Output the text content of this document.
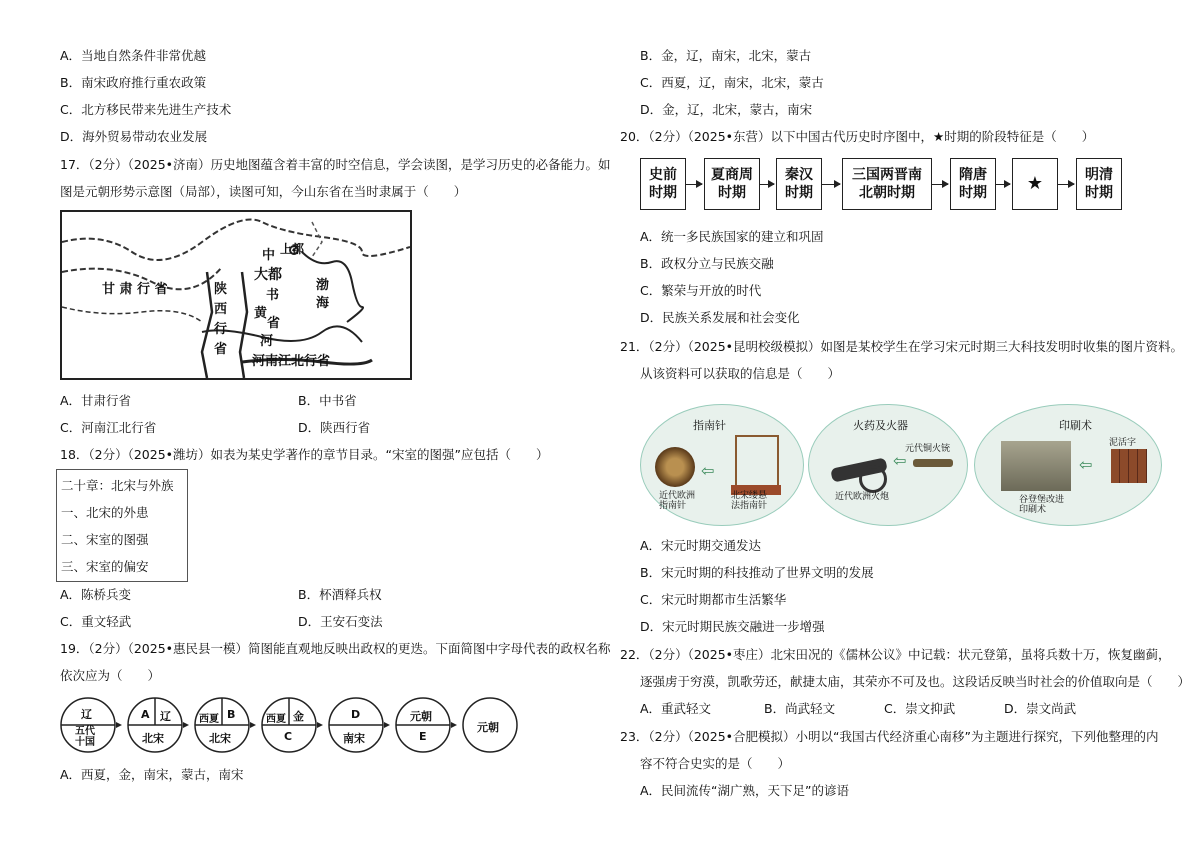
A．当地自然条件非常优越
B．南宋政府推行重农政策
C．北方移民带来先进生产技术
D．海外贸易带动农业发展
17．（2分）（2025•济南）历史地图蕴含着丰富的时空信息，学会读图，是学习历史的必备能力。如
图是元朝形势示意图（局部），读图可知，今山东省在当时隶属于（　　）
甘 肃 行 省
上都
中
大都
书
黄
省
河
渤
海
陕
西
行
省
河南江北行省
A．甘肃行省	B．中书省
C．河南江北行省	D．陕西行省
18．（2分）（2025•潍坊）如表为某史学著作的章节目录。“宋室的图强”应包括（　　）
二十章：北宋与外族
一、北宋的外患
二、宋室的图强
三、宋室的偏安
A．陈桥兵变	B．杯酒释兵权
C．重文轻武	D．王安石变法
19．（2分）（2025•惠民县一模）简图能直观地反映出政权的更迭。下面简图中字母代表的政权名称
依次应为（　　）
辽
五代
十国
A 辽
北宋
西夏 B
北宋
西夏 金
C
D
南宋
元朝
E
元朝
A．西夏，金，南宋，蒙古，南宋
B．金，辽，南宋，北宋，蒙古
C．西夏，辽，南宋，北宋，蒙古
D．金，辽，北宋，蒙古，南宋
20．（2分）（2025•东营）以下中国古代历史时序图中，★时期的阶段特征是（　　）
史前
时期
夏商周
时期
秦汉
时期
三国两晋南
北朝时期
隋唐
时期	★	明清
时期
A．统一多民族国家的建立和巩固
B．政权分立与民族交融
C．繁荣与开放的时代
D．民族关系发展和社会变化
21．（2分）（2025•昆明校级模拟）如图是某校学生在学习宋元时期三大科技发明时收集的图片资料。
从该资料可以获取的信息是（　　）
指南针
⇦
近代欧洲
指南针
北宋缕悬
法指南针
火药及火器
元代铜火铳
⇦
近代欧洲火炮
印刷术
泥活字
⇦
谷登堡改进
印刷术
A．宋元时期交通发达
B．宋元时期的科技推动了世界文明的发展
C．宋元时期都市生活繁华
D．宋元时期民族交融进一步增强
22．（2分）（2025•枣庄）北宋田况的《儒林公议》中记载：状元登第，虽将兵数十万，恢复幽蓟，
逐强虏于穷漠，凯歌劳还，献捷太庙，其荣亦不可及也。这段话反映当时社会的价值取向是（　　）
A．重武轻文	B．尚武轻文	C．崇文抑武	D．崇文尚武
23．（2分）（2025•合肥模拟）小明以“我国古代经济重心南移”为主题进行探究，下列他整理的内
容不符合史实的是（　　）
A．民间流传“湖广熟，天下足”的谚语
